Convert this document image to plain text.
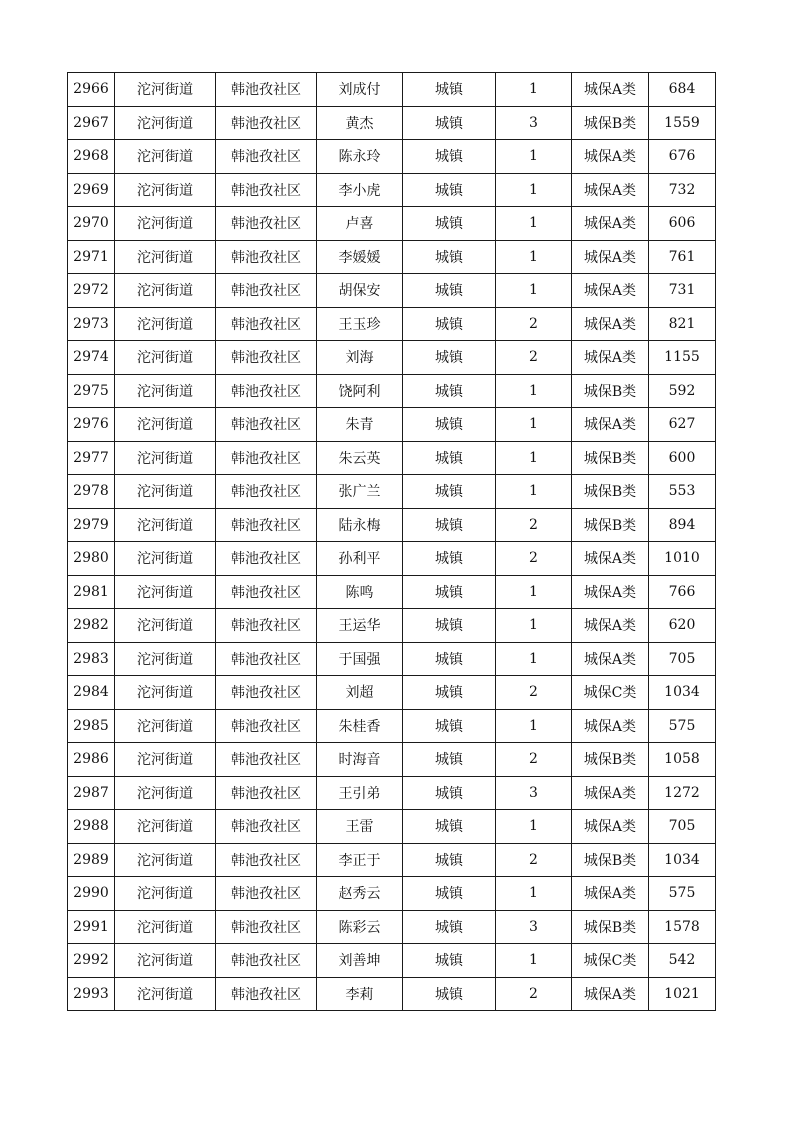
2966	沱河街道	韩池孜社区	刘成付	城镇	1	城保A类	684
2967	沱河街道	韩池孜社区	黄杰	城镇	3	城保B类	1559
2968	沱河街道	韩池孜社区	陈永玲	城镇	1	城保A类	676
2969	沱河街道	韩池孜社区	李小虎	城镇	1	城保A类	732
2970	沱河街道	韩池孜社区	卢喜	城镇	1	城保A类	606
2971	沱河街道	韩池孜社区	李媛媛	城镇	1	城保A类	761
2972	沱河街道	韩池孜社区	胡保安	城镇	1	城保A类	731
2973	沱河街道	韩池孜社区	王玉珍	城镇	2	城保A类	821
2974	沱河街道	韩池孜社区	刘海	城镇	2	城保A类	1155
2975	沱河街道	韩池孜社区	饶阿利	城镇	1	城保B类	592
2976	沱河街道	韩池孜社区	朱青	城镇	1	城保A类	627
2977	沱河街道	韩池孜社区	朱云英	城镇	1	城保B类	600
2978	沱河街道	韩池孜社区	张广兰	城镇	1	城保B类	553
2979	沱河街道	韩池孜社区	陆永梅	城镇	2	城保B类	894
2980	沱河街道	韩池孜社区	孙利平	城镇	2	城保A类	1010
2981	沱河街道	韩池孜社区	陈鸣	城镇	1	城保A类	766
2982	沱河街道	韩池孜社区	王运华	城镇	1	城保A类	620
2983	沱河街道	韩池孜社区	于国强	城镇	1	城保A类	705
2984	沱河街道	韩池孜社区	刘超	城镇	2	城保C类	1034
2985	沱河街道	韩池孜社区	朱桂香	城镇	1	城保A类	575
2986	沱河街道	韩池孜社区	时海音	城镇	2	城保B类	1058
2987	沱河街道	韩池孜社区	王引弟	城镇	3	城保A类	1272
2988	沱河街道	韩池孜社区	王雷	城镇	1	城保A类	705
2989	沱河街道	韩池孜社区	李正于	城镇	2	城保B类	1034
2990	沱河街道	韩池孜社区	赵秀云	城镇	1	城保A类	575
2991	沱河街道	韩池孜社区	陈彩云	城镇	3	城保B类	1578
2992	沱河街道	韩池孜社区	刘善坤	城镇	1	城保C类	542
2993	沱河街道	韩池孜社区	李莉	城镇	2	城保A类	1021
